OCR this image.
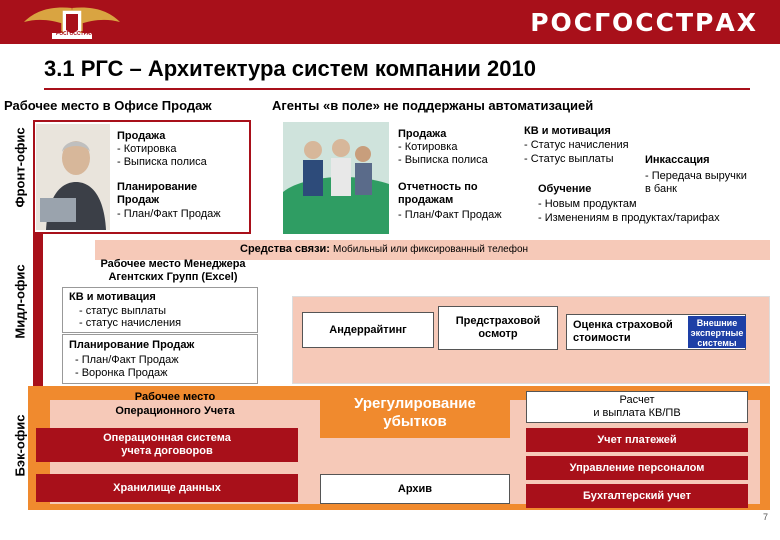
РОСГОССТРАХ	РОСГОССТРАХ
3.1 РГС – Архитектура систем компании 2010
Фронт-офис
Мидл-офис
Бэк-офис
Рабочее место в Офисе Продаж	Агенты «в поле» не поддержаны автоматизацией
Продажа
- Котировка
- Выписка полиса
Планирование
Продаж
- План/Факт Продаж
Продажа
- Котировка
- Выписка полиса
Отчетность по
продажам
- План/Факт Продаж
КВ и мотивация
- Статус начисления
- Статус выплаты	Инкассация
- Передача выручки
в банк
Обучение
- Новым продуктам
- Изменениям в продуктах/тарифах
Средства связи: Мобильный или фиксированный телефон
Рабочее место Менеджера
Агентских Групп (Excel)
КВ и мотивация
- статус выплаты
- статус начисления
Планирование Продаж
- План/Факт Продаж
- Воронка Продаж
Андеррайтинг
Предстраховой
осмотр
Оценка страховой
стоимости
Внешние
экспертные
системы
Рабочее место
Операционного Учета
Операционная система
учета договоров
Хранилище данных
Урегулирование
убытков
Архив
Расчет
и выплата КВ/ПВ
Учет платежей
Управление персоналом
Бухгалтерский учет
7
